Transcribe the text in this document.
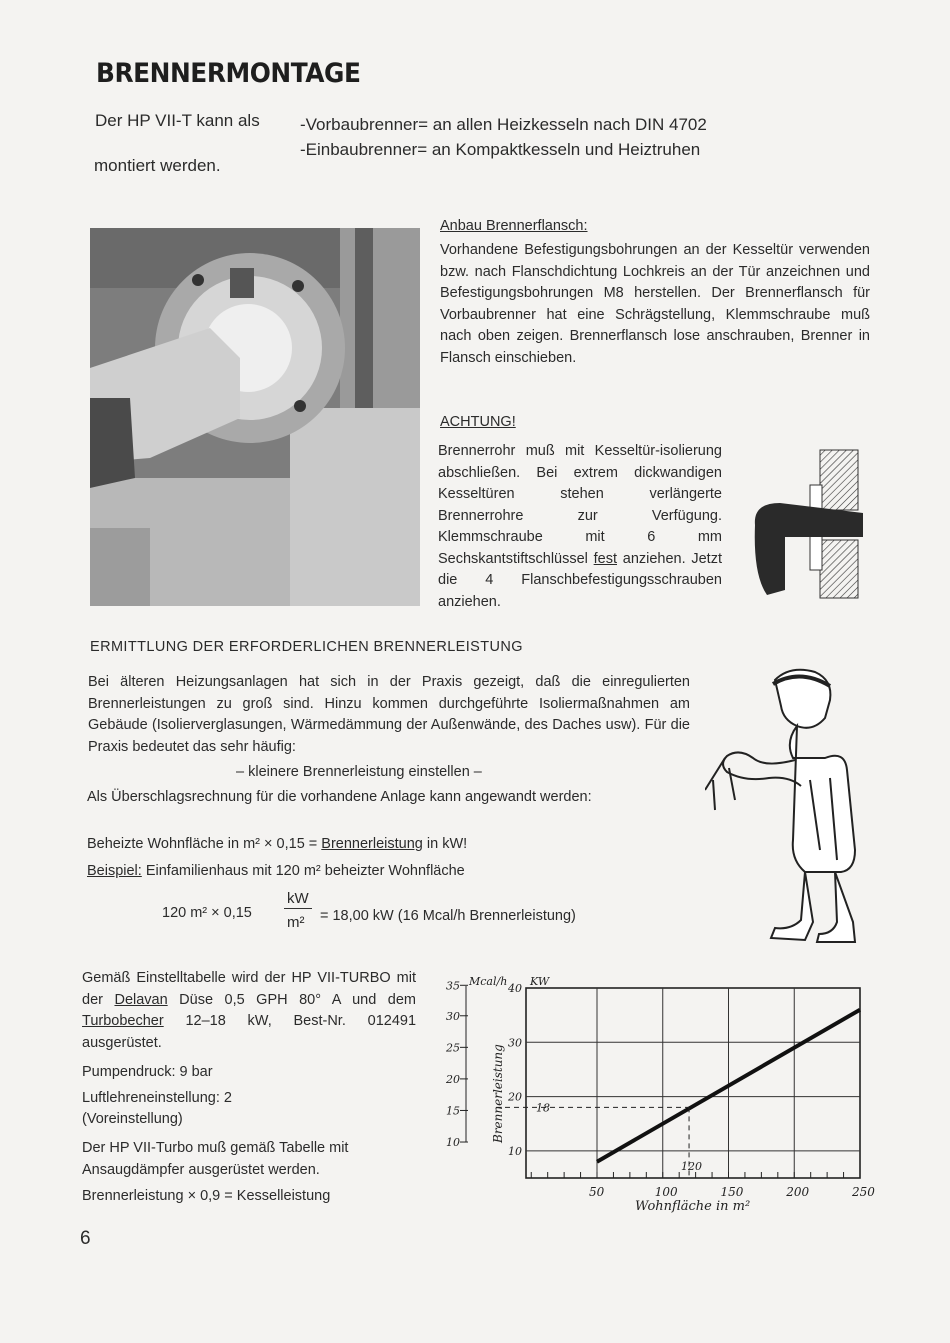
BRENNERMONTAGE
Der HP VII-T kann als -Vorbaubrenner= an allen Heizkesseln nach DIN 4702
-Einbaubrenner= an Kompaktkesseln und Heiztruhen
montiert werden.
Anbau Brennerflansch:
Vorhandene Befestigungsbohrungen an der Kesseltür verwenden bzw. nach Flanschdichtung Lochkreis an der Tür anzeichnen und Befestigungsbohrungen M8 herstellen. Der Brennerflansch für Vorbaubrenner hat eine Schrägstellung, Klemmschraube muß nach oben zeigen. Brennerflansch lose anschrauben, Brenner in Flansch einschieben.
ACHTUNG!
Brennerrohr muß mit Kesseltür-isolierung abschließen. Bei extrem dickwandigen Kesseltüren stehen verlängerte Brennerrohre zur Verfügung. Klemmschraube mit 6 mm Sechskantstiftschlüssel fest anziehen. Jetzt die 4 Flanschbefestigungsschrauben anziehen.
ERMITTLUNG DER ERFORDERLICHEN BRENNERLEISTUNG
Bei älteren Heizungsanlagen hat sich in der Praxis gezeigt, daß die einregulierten Brennerleistungen zu groß sind. Hinzu kommen durchgeführte Isoliermaßnahmen am Gebäude (Isolierverglasungen, Wärmedämmung der Außenwände, des Daches usw). Für die Praxis bedeutet das sehr häufig:
– kleinere Brennerleistung einstellen –
Als Überschlagsrechnung für die vorhandene Anlage kann angewandt werden:
Beheizte Wohnfläche in m² × 0,15 = Brennerleistung in kW!
Beispiel: Einfamilienhaus mit 120 m² beheizter Wohnfläche
120 m² × 0,15
kW
m² = 18,00 kW (16 Mcal/h Brennerleistung)
Gemäß Einstelltabelle wird der HP VII-TURBO mit der Delavan Düse 0,5 GPH 80° A und dem Turbobecher 12–18 kW, Best-Nr. 012491 ausgerüstet.
Pumpendruck: 9 bar
Luftlehreneinstellung: 2
(Voreinstellung)
Der HP VII-Turbo muß gemäß Tabelle mit Ansaugdämpfer ausgerüstet werden.
Brennerleistung × 0,9 = Kesselleistung	50	100	150	200	250
35
30
25
20
15
10
40
30
20
10
120
18
Mcal/h KW
Brennerleistung
Wohnfläche in m²
6
